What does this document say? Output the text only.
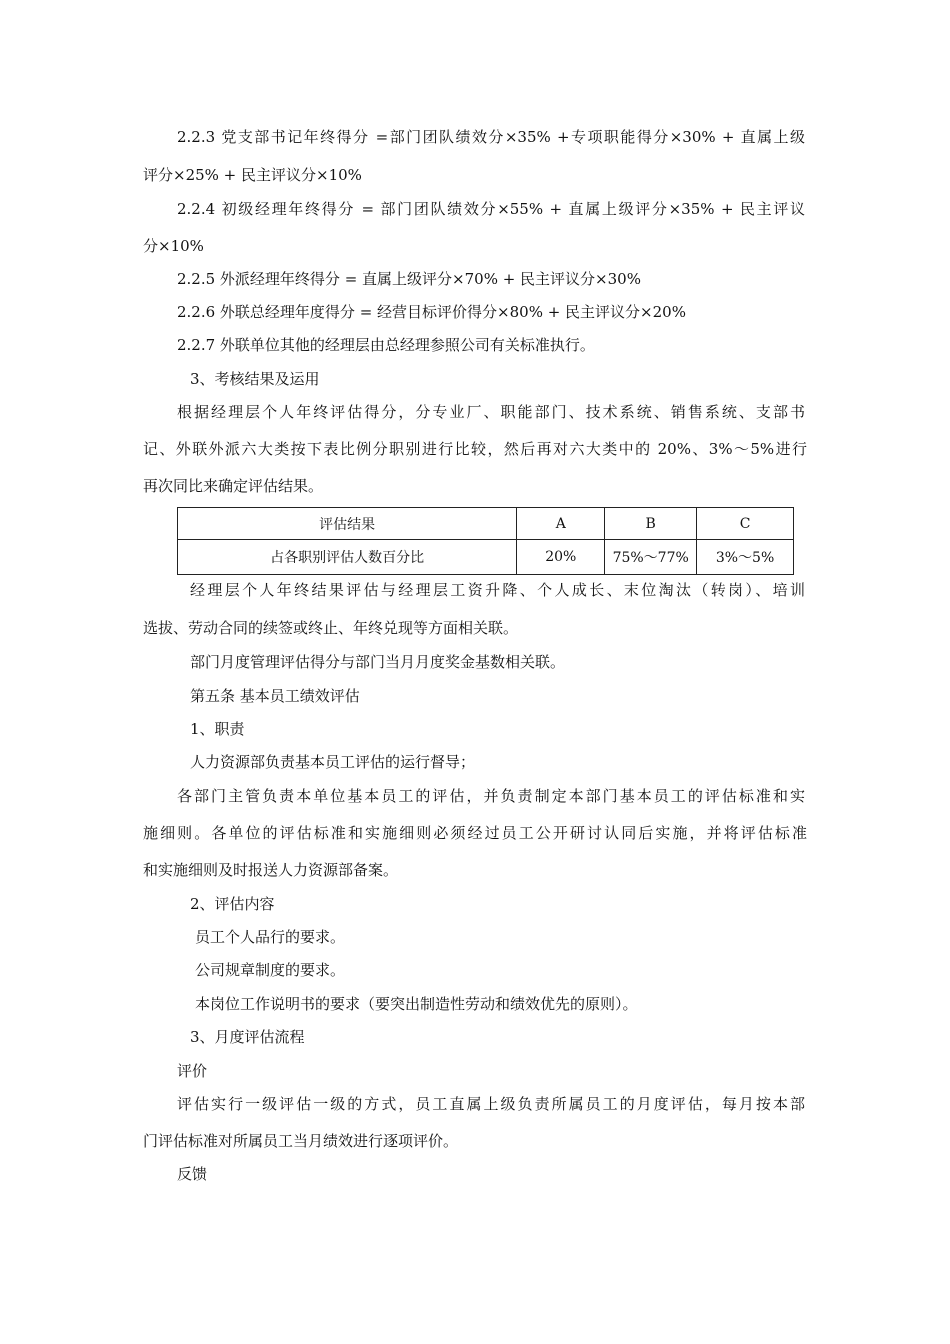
2.2.3 党支部书记年终得分 =部门团队绩效分×35% +专项职能得分×30% + 直属上级
评分×25% + 民主评议分×10%
2.2.4 初级经理年终得分 = 部门团队绩效分×55% + 直属上级评分×35% + 民主评议
分×10%
2.2.5 外派经理年终得分 = 直属上级评分×70% + 民主评议分×30%
2.2.6 外联总经理年度得分 = 经营目标评价得分×80% + 民主评议分×20%
2.2.7 外联单位其他的经理层由总经理参照公司有关标准执行。
3、考核结果及运用
根据经理层个人年终评估得分，分专业厂、职能部门、技术系统、销售系统、支部书
记、外联外派六大类按下表比例分职别进行比较，然后再对六大类中的 20%、3%～5%进行
再次同比来确定评估结果。
评估结果	A	B	C
占各职别评估人数百分比	20%	75%～77%	3%～5%
经理层个人年终结果评估与经理层工资升降、个人成长、末位淘汰（转岗）、培训
选拔、劳动合同的续签或终止、年终兑现等方面相关联。
部门月度管理评估得分与部门当月月度奖金基数相关联。
第五条 基本员工绩效评估
1、职责
人力资源部负责基本员工评估的运行督导；
各部门主管负责本单位基本员工的评估，并负责制定本部门基本员工的评估标准和实
施细则。各单位的评估标准和实施细则必须经过员工公开研讨认同后实施，并将评估标准
和实施细则及时报送人力资源部备案。
2、评估内容
员工个人品行的要求。
公司规章制度的要求。
本岗位工作说明书的要求（要突出制造性劳动和绩效优先的原则）。
3、月度评估流程
评价
评估实行一级评估一级的方式，员工直属上级负责所属员工的月度评估，每月按本部
门评估标准对所属员工当月绩效进行逐项评价。
反馈
